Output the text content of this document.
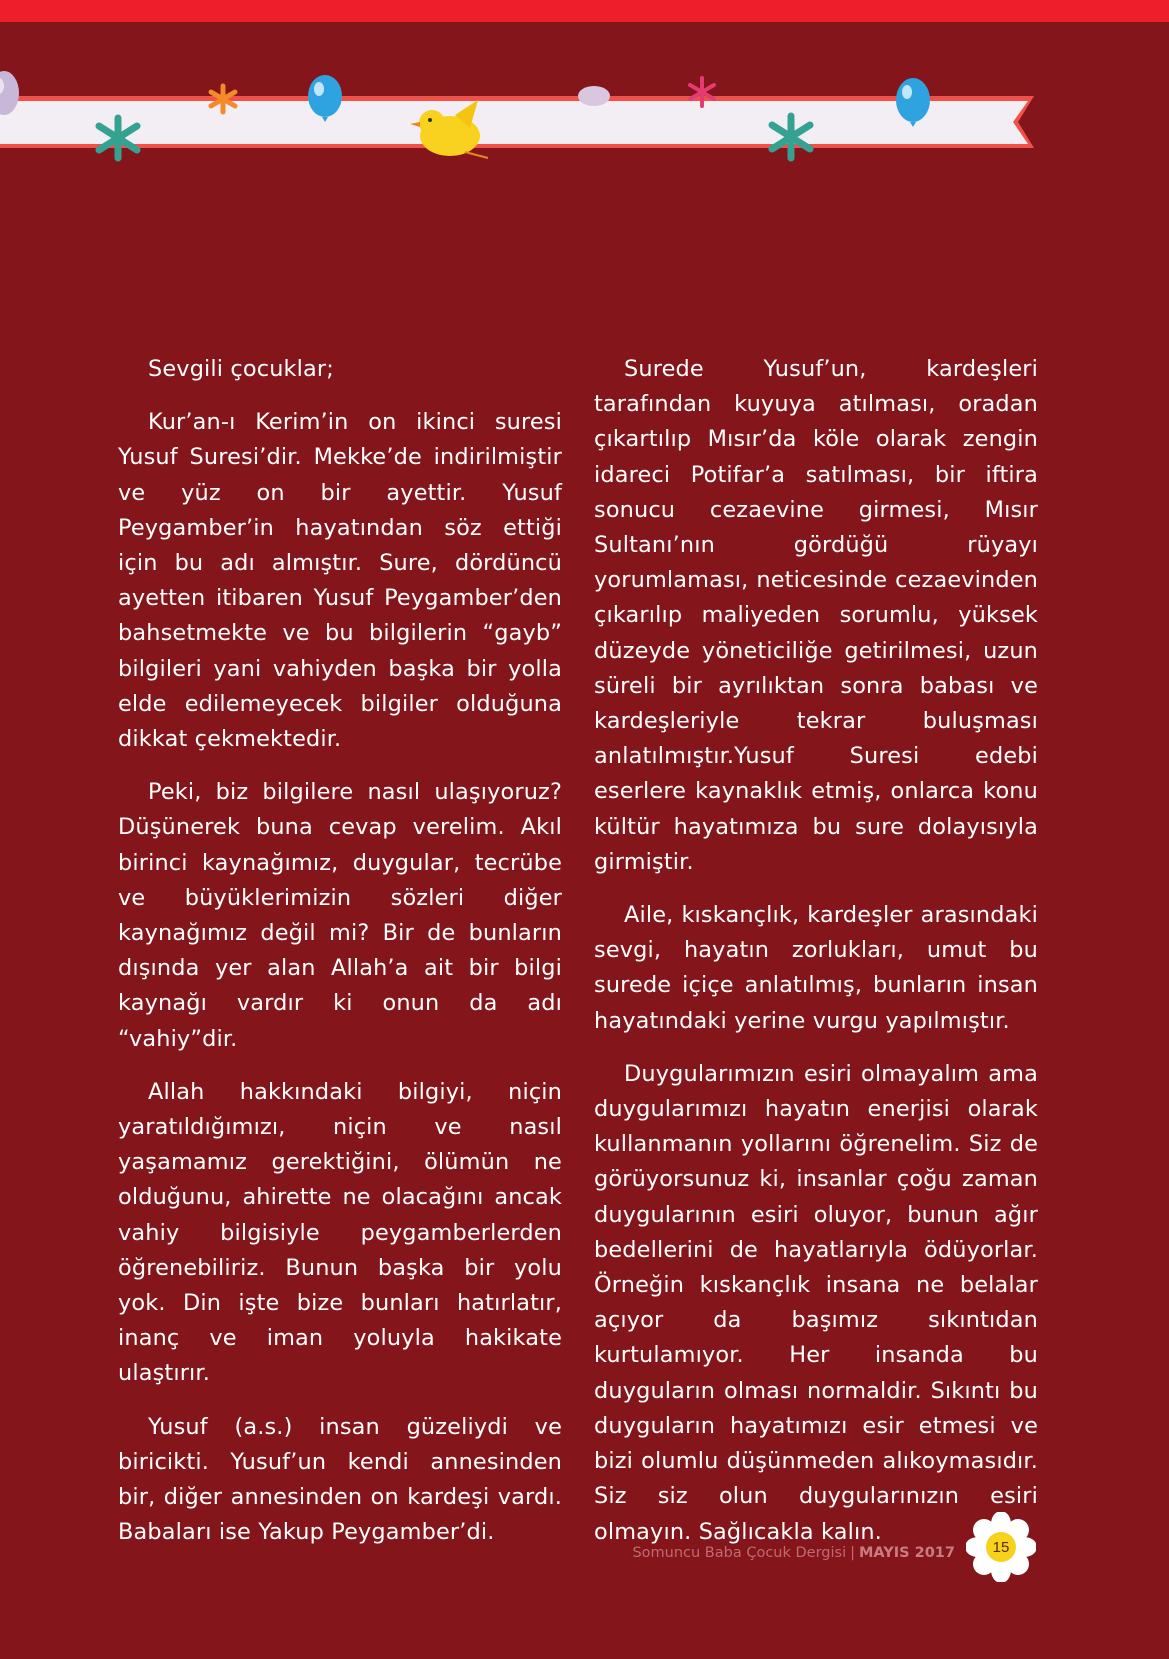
Sevgili çocuklar;

Kur’an-ı Kerim’in on ikinci suresi Yusuf Suresi’dir. Mekke’de indirilmiştir ve yüz on bir ayettir. Yusuf Peygamber’in hayatından söz ettiği için bu adı almıştır. Sure, dördüncü ayetten itibaren Yusuf Peygamber’den bahsetmekte ve bu bilgilerin “gayb” bilgileri yani vahiyden başka bir yolla elde edilemeyecek bilgiler olduğuna dikkat çekmektedir.

Peki, biz bilgilere nasıl ulaşıyoruz? Düşünerek buna cevap verelim. Akıl birinci kaynağımız, duygular, tecrübe ve büyüklerimizin sözleri diğer kaynağımız değil mi? Bir de bunların dışında yer alan Allah’a ait bir bilgi kaynağı vardır ki onun da adı “vahiy”dir.

Allah hakkındaki bilgiyi, niçin yaratıldığımızı, niçin ve nasıl yaşamamız gerektiğini, ölümün ne olduğunu, ahirette ne olacağını ancak vahiy bilgisiyle peygamberlerden öğrenebiliriz. Bunun başka bir yolu yok. Din işte bize bunları hatırlatır, inanç ve iman yoluyla hakikate ulaştırır.

Yusuf (a.s.) insan güzeliydi ve biricikti. Yusuf’un kendi annesinden bir, diğer annesinden on kardeşi vardı. Babaları ise Yakup Peygamber’di.

Surede Yusuf’un, kardeşleri tarafından kuyuya atılması, oradan çıkartılıp Mısır’da köle olarak zengin idareci Potifar’a satılması, bir iftira sonucu cezaevine girmesi, Mısır Sultanı’nın gördüğü rüyayı yorumlaması, neticesinde cezaevinden çıkarılıp maliyeden sorumlu, yüksek düzeyde yöneticiliğe getirilmesi, uzun süreli bir ayrılıktan sonra babası ve kardeşleriyle tekrar buluşması anlatılmıştır.Yusuf Suresi edebi eserlere kaynaklık etmiş, onlarca konu kültür hayatımıza bu sure dolayısıyla girmiştir.

Aile, kıskançlık, kardeşler arasındaki sevgi, hayatın zorlukları, umut bu surede içiçe anlatılmış, bunların insan hayatındaki yerine vurgu yapılmıştır.

Duygularımızın esiri olmayalım ama duygularımızı hayatın enerjisi olarak kullanmanın yollarını öğrenelim. Siz de görüyorsunuz ki, insanlar çoğu zaman duygularının esiri oluyor, bunun ağır bedellerini de hayatlarıyla ödüyorlar. Örneğin kıskançlık insana ne belalar açıyor da başımız sıkıntıdan kurtulamıyor. Her insanda bu duyguların olması normaldir. Sıkıntı bu duyguların hayatımızı esir etmesi ve bizi olumlu düşünmeden alıkoymasıdır. Siz siz olun duygularınızın esiri olmayın. Sağlıcakla kalın.

Somuncu Baba Çocuk Dergisi | MAYIS 2017	15
